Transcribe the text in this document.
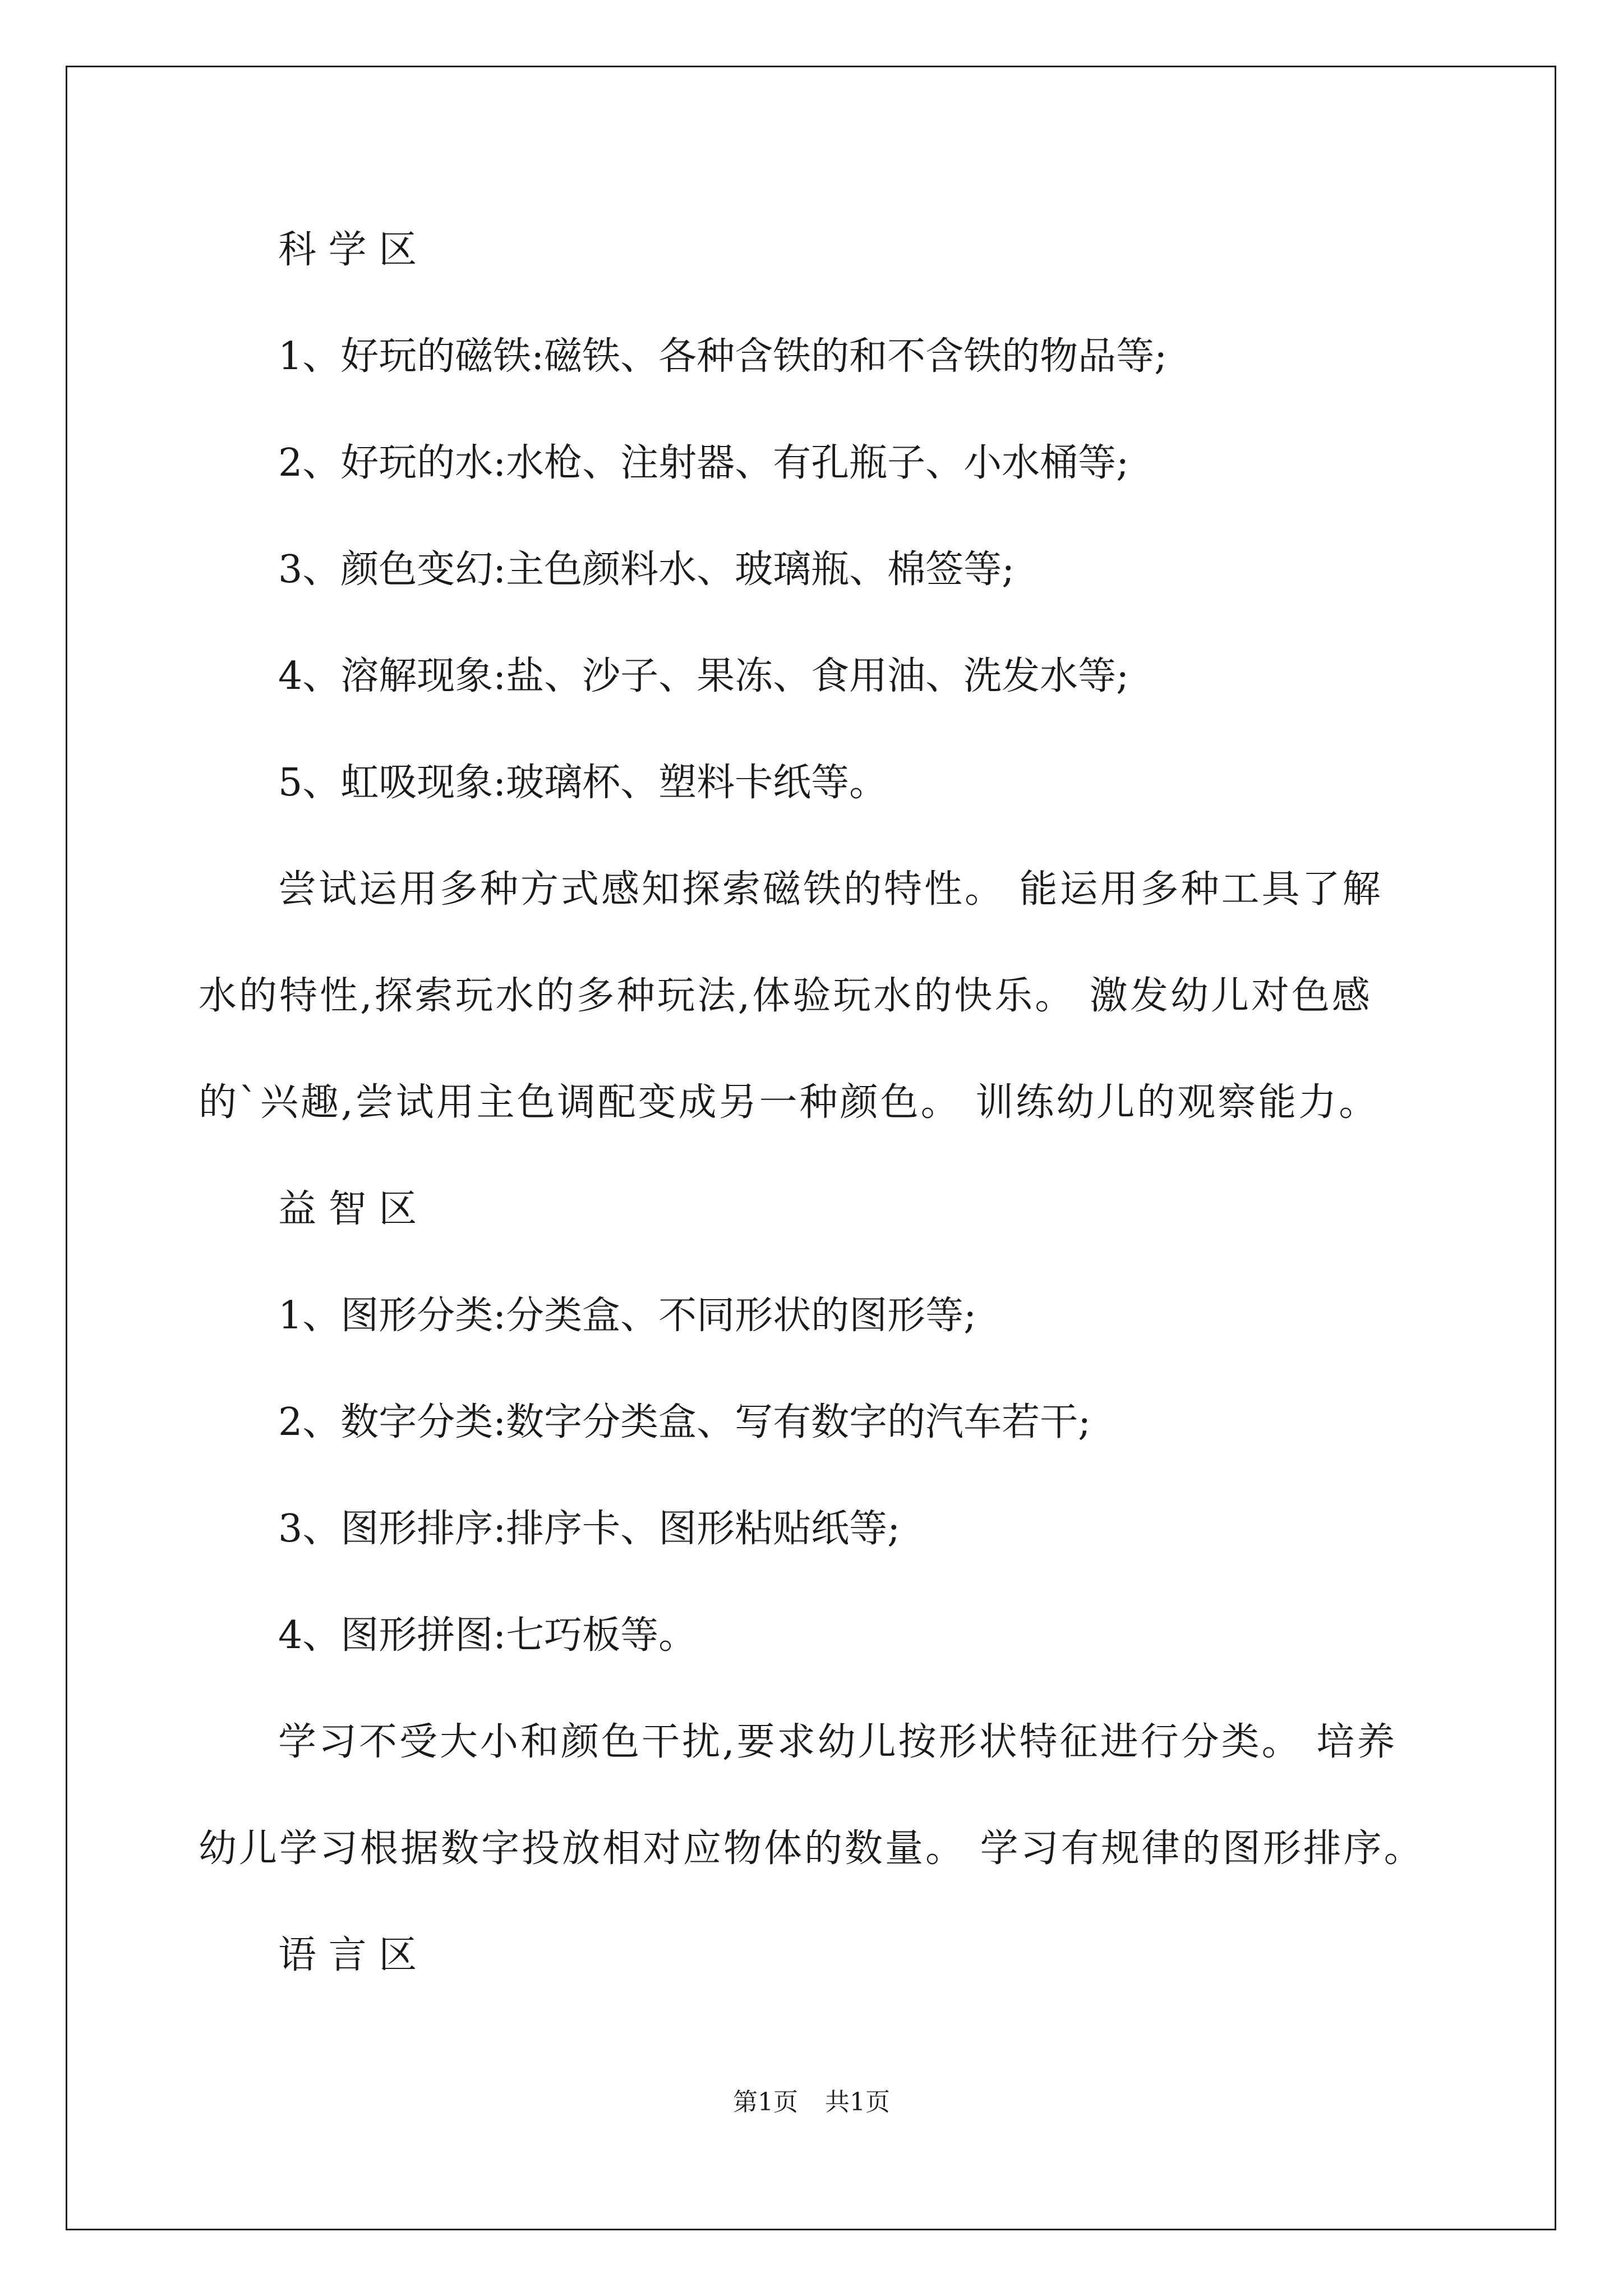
科 学 区
1、好玩的磁铁:磁铁、各种含铁的和不含铁的物品等;
2、好玩的水:水枪、注射器、有孔瓶子、小水桶等;
3、颜色变幻:主色颜料水、玻璃瓶、棉签等;
4、溶解现象:盐、沙子、果冻、食用油、洗发水等;
5、虹吸现象:玻璃杯、塑料卡纸等。
尝试运用多种方式感知探索磁铁的特性。 能运用多种工具了解
水的特性,探索玩水的多种玩法,体验玩水的快乐。 激发幼儿对色感
的`兴趣,尝试用主色调配变成另一种颜色。 训练幼儿的观察能力。
益 智 区
1、图形分类:分类盒、不同形状的图形等;
2、数字分类:数字分类盒、写有数字的汽车若干;
3、图形排序:排序卡、图形粘贴纸等;
4、图形拼图:七巧板等。
学习不受大小和颜色干扰,要求幼儿按形状特征进行分类。 培养
幼儿学习根据数字投放相对应物体的数量。 学习有规律的图形排序。
语 言 区
第1页 共1页
